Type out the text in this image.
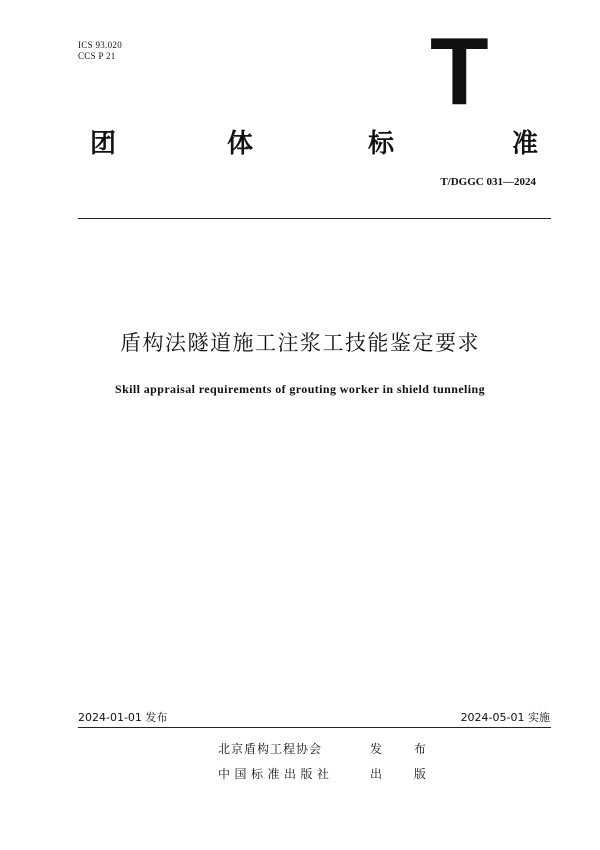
ICS 93.020
CCS P 21	T
团	体	标	准
T/DGGC 031—2024
盾构法隧道施工注浆工技能鉴定要求
Skill appraisal requirements of grouting worker in shield tunneling
2024-01-01 发布	2024-05-01 实施
北京盾构工程协会	发 布
中国标准出版社	出 版
